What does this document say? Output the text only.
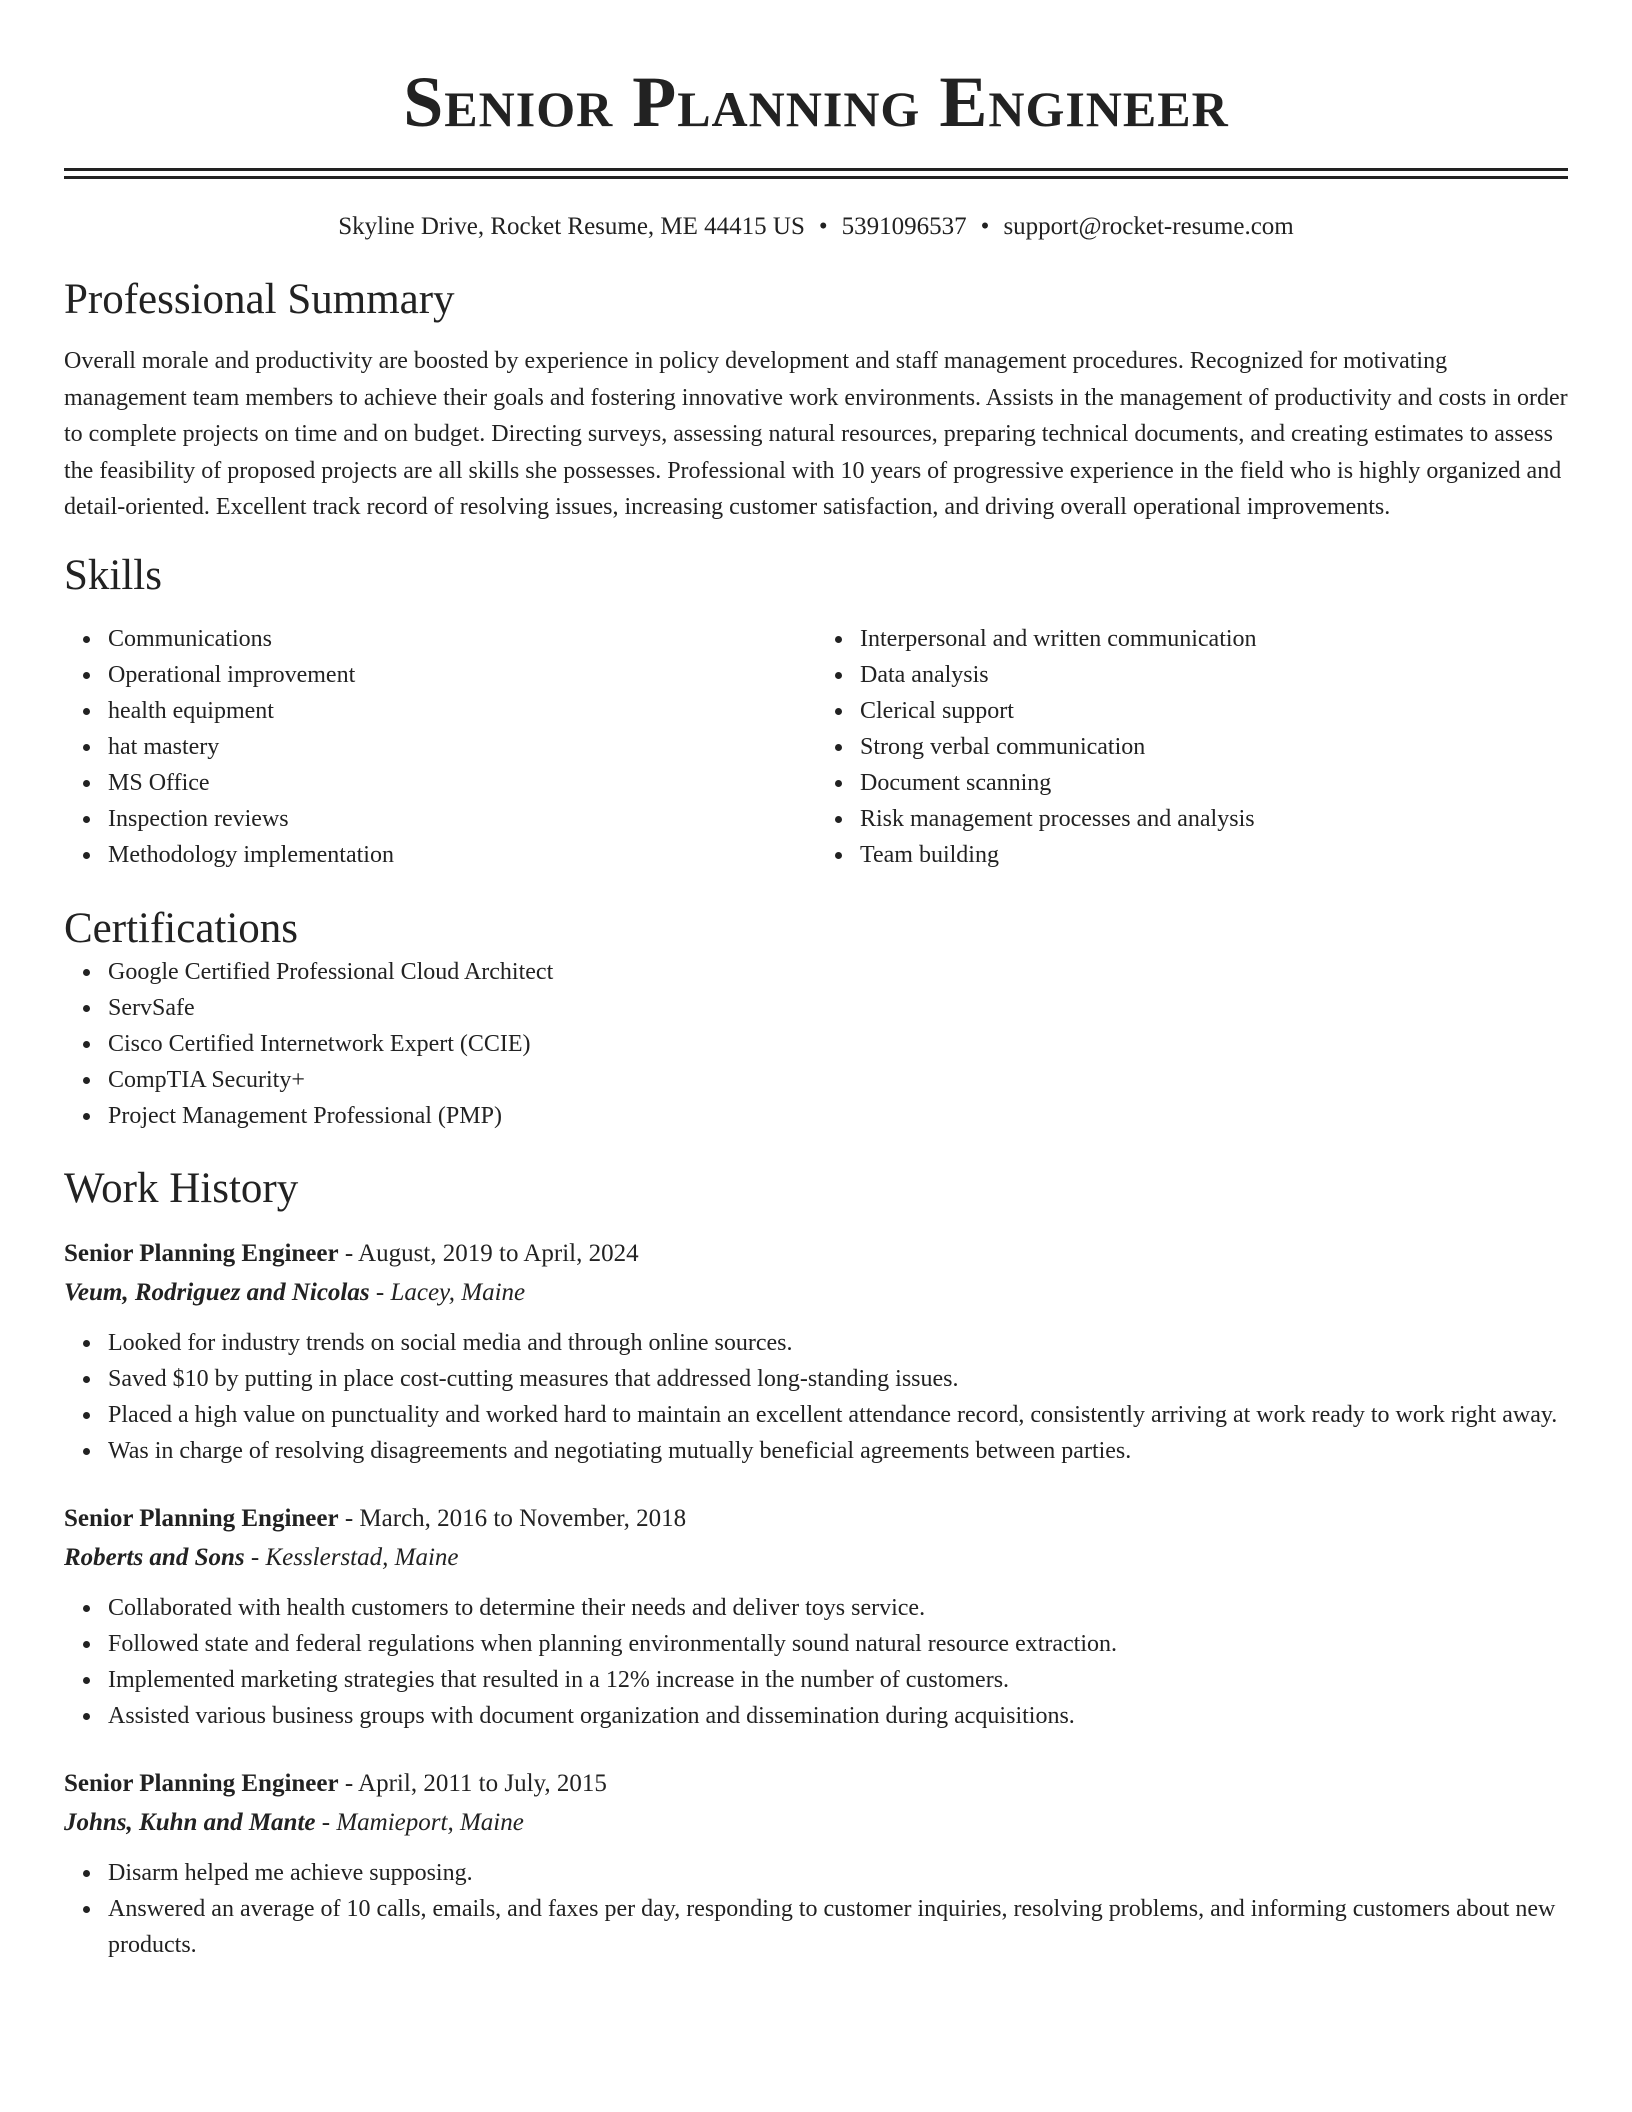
Senior Planning Engineer
Skyline Drive, Rocket Resume, ME 44415 US • 5391096537 • support@rocket-resume.com
Professional Summary

Overall morale and productivity are boosted by experience in policy development and staff management procedures. Recognized for motivating management team members to achieve their goals and fostering innovative work environments. Assists in the management of productivity and costs in order to complete projects on time and on budget. Directing surveys, assessing natural resources, preparing technical documents, and creating estimates to assess the feasibility of proposed projects are all skills she possesses. Professional with 10 years of progressive experience in the field who is highly organized and detail-oriented. Excellent track record of resolving issues, increasing customer satisfaction, and driving overall operational improvements.

Skills
Communications
Operational improvement
health equipment
hat mastery
MS Office
Inspection reviews
Methodology implementation
Interpersonal and written communication
Data analysis
Clerical support
Strong verbal communication
Document scanning
Risk management processes and analysis
Team building
Certifications
Google Certified Professional Cloud Architect
ServSafe
Cisco Certified Internetwork Expert (CCIE)
CompTIA Security+
Project Management Professional (PMP)
Work History
Senior Planning Engineer - August, 2019 to April, 2024
Veum, Rodriguez and Nicolas - Lacey, Maine
Looked for industry trends on social media and through online sources.
Saved $10 by putting in place cost-cutting measures that addressed long-standing issues.
Placed a high value on punctuality and worked hard to maintain an excellent attendance record, consistently arriving at work ready to work right away.
Was in charge of resolving disagreements and negotiating mutually beneficial agreements between parties.
Senior Planning Engineer - March, 2016 to November, 2018
Roberts and Sons - Kesslerstad, Maine
Collaborated with health customers to determine their needs and deliver toys service.
Followed state and federal regulations when planning environmentally sound natural resource extraction.
Implemented marketing strategies that resulted in a 12% increase in the number of customers.
Assisted various business groups with document organization and dissemination during acquisitions.
Senior Planning Engineer - April, 2011 to July, 2015
Johns, Kuhn and Mante - Mamieport, Maine
Disarm helped me achieve supposing.
Answered an average of 10 calls, emails, and faxes per day, responding to customer inquiries, resolving problems, and informing customers about new products.
